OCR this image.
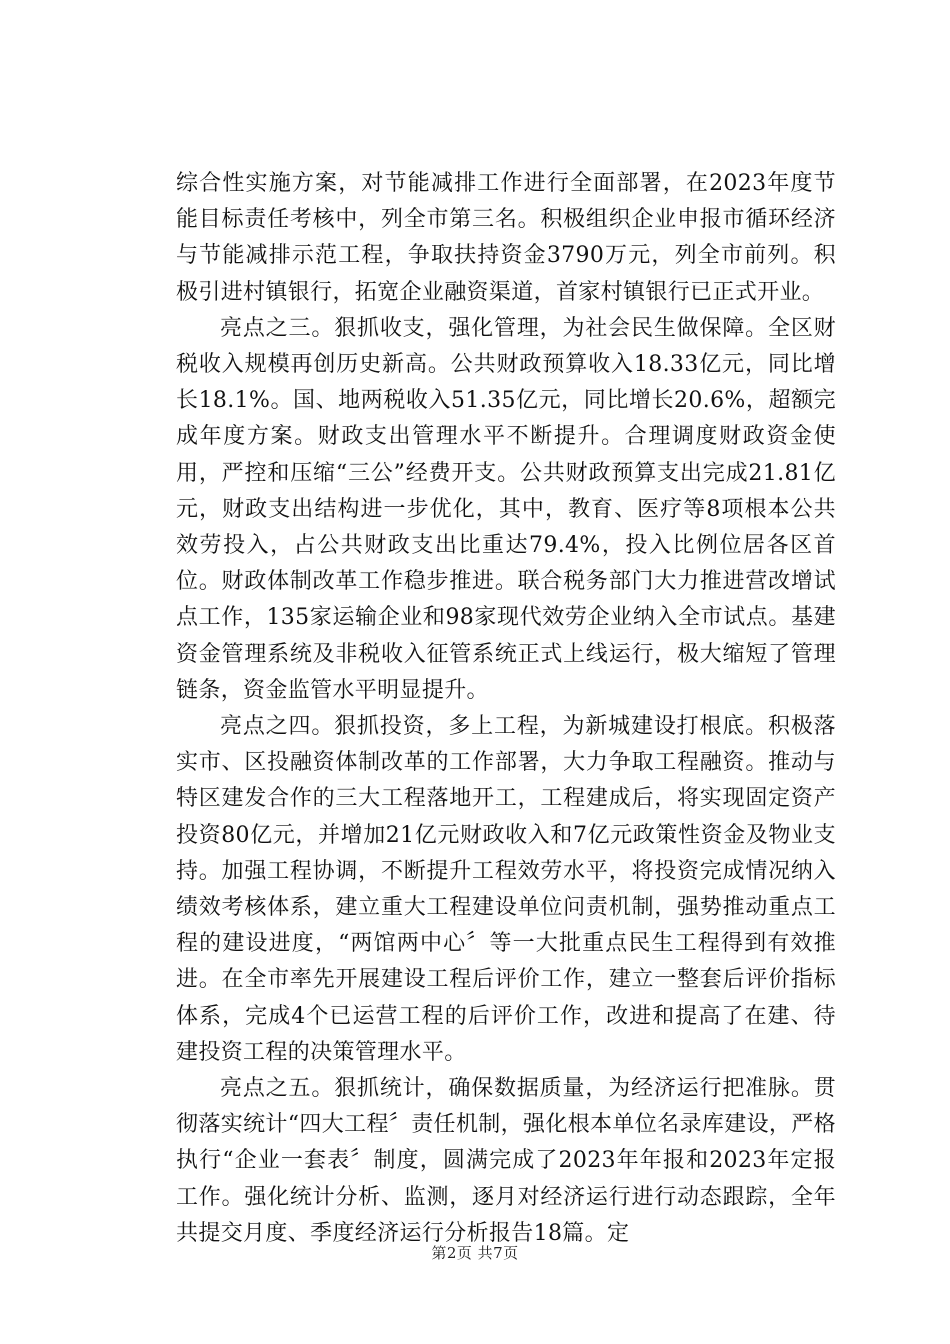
综合性实施方案，对节能减排工作进行全面部署，在2023年度节能目标责任考核中，列全市第三名。积极组织企业申报市循环经济与节能减排示范工程，争取扶持资金3790万元，列全市前列。积极引进村镇银行，拓宽企业融资渠道，首家村镇银行已正式开业。

亮点之三。狠抓收支，强化管理，为社会民生做保障。全区财税收入规模再创历史新高。公共财政预算收入18.33亿元，同比增长18.1%。国、地两税收入51.35亿元，同比增长20.6%，超额完成年度方案。财政支出管理水平不断提升。合理调度财政资金使用，严控和压缩“三公”经费开支。公共财政预算支出完成21.81亿元，财政支出结构进一步优化，其中，教育、医疗等8项根本公共效劳投入，占公共财政支出比重达79.4%，投入比例位居各区首位。财政体制改革工作稳步推进。联合税务部门大力推进营改增试点工作，135家运输企业和98家现代效劳企业纳入全市试点。基建资金管理系统及非税收入征管系统正式上线运行，极大缩短了管理链条，资金监管水平明显提升。

亮点之四。狠抓投资，多上工程，为新城建设打根底。积极落实市、区投融资体制改革的工作部署，大力争取工程融资。推动与特区建发合作的三大工程落地开工，工程建成后，将实现固定资产投资80亿元，并增加21亿元财政收入和7亿元政策性资金及物业支持。加强工程协调，不断提升工程效劳水平，将投资完成情况纳入绩效考核体系，建立重大工程建设单位问责机制，强势推动重点工程的建设进度，“两馆两中心〞等一大批重点民生工程得到有效推进。在全市率先开展建设工程后评价工作，建立一整套后评价指标体系，完成4个已运营工程的后评价工作，改进和提高了在建、待建投资工程的决策管理水平。

亮点之五。狠抓统计，确保数据质量，为经济运行把准脉。贯彻落实统计“四大工程〞责任机制，强化根本单位名录库建设，严格执行“企业一套表〞制度，圆满完成了2023年年报和2023年定报工作。强化统计分析、监测，逐月对经济运行进行动态跟踪，全年共提交月度、季度经济运行分析报告18篇。定

第2页 共7页
